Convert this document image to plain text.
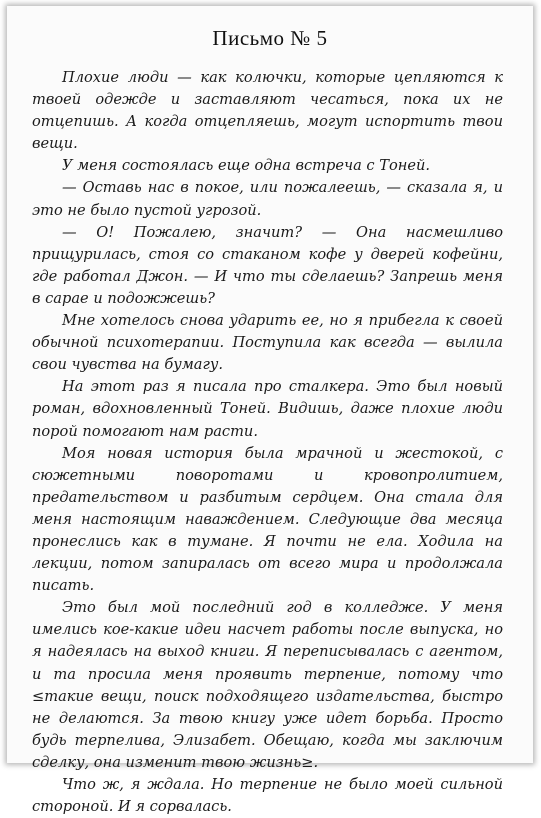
Письмо № 5

Плохие люди — как колючки, которые цепляются к твоей одежде и заставляют чесаться, пока их не отцепишь. А когда отцепляешь, могут испортить твои вещи.

У меня состоялась еще одна встреча с Тоней.

— Оставь нас в покое, или пожалеешь, — сказала я, и это не было пустой угрозой.

— О! Пожалею, значит? — Она насмешливо прищурилась, стоя со стаканом кофе у дверей кофейни, где работал Джон. — И что ты сделаешь? Запрешь меня в сарае и подожжешь?

Мне хотелось снова ударить ее, но я прибегла к своей обычной психотерапии. Поступила как всегда — вылила свои чувства на бумагу.

На этот раз я писала про сталкера. Это был новый роман, вдохновленный Тоней. Видишь, даже плохие люди порой помогают нам расти.

Моя новая история была мрачной и жестокой, с сюжетными поворотами и кровопролитием, предательством и разбитым сердцем. Она стала для меня настоящим наваждением. Следующие два месяца пронеслись как в тумане. Я почти не ела. Ходила на лекции, потом запиралась от всего мира и продолжала писать.

Это был мой последний год в колледже. У меня имелись кое-какие идеи насчет работы после выпуска, но я надеялась на выход книги. Я переписывалась с агентом, и та просила меня проявить терпение, потому что ≤такие вещи, поиск подходящего издательства, быстро не делаются. За твою книгу уже идет борьба. Просто будь терпелива, Элизабет. Обещаю, когда мы заключим сделку, она изменит твою жизнь≥.

Что ж, я ждала. Но терпение не было моей сильной стороной. И я сорвалась.
